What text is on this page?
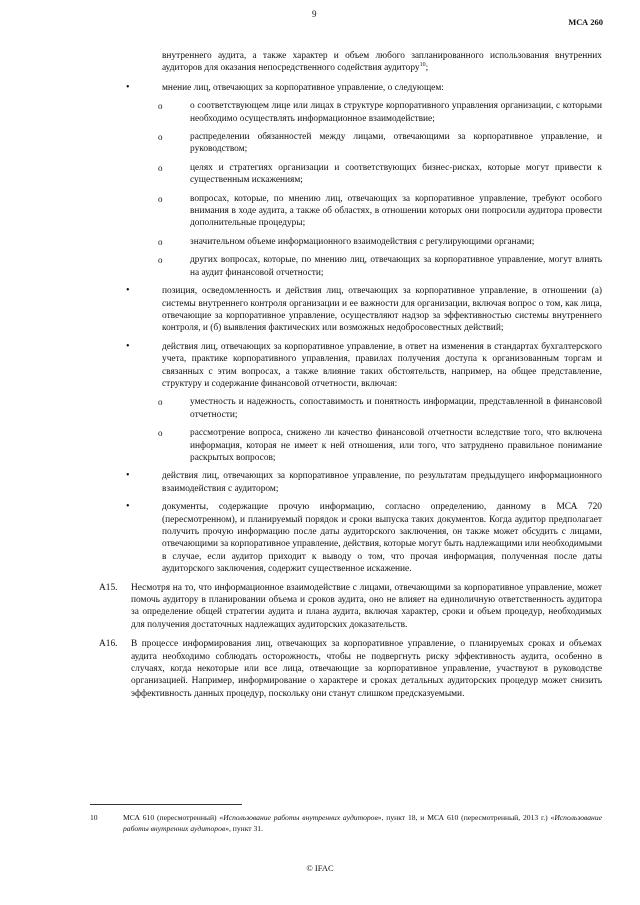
9
МСА 260

внутреннего аудита, а также характер и объем любого запланированного использования внутренних аудиторов для оказания непосредственного содействия аудитору$^{10}$;

•	мнение лиц, отвечающих за корпоративное управление, о следующем:

o	о соответствующем лице или лицах в структуре корпоративного управления организации, с которыми необходимо осуществлять информационное взаимодействие;

o	распределении обязанностей между лицами, отвечающими за корпоративное управление, и руководством;

o	целях и стратегиях организации и соответствующих бизнес-рисках, которые могут привести к существенным искажениям;

o	вопросах, которые, по мнению лиц, отвечающих за корпоративное управление, требуют особого внимания в ходе аудита, а также об областях, в отношении которых они попросили аудитора провести дополнительные процедуры;

o	значительном объеме информационного взаимодействия с регулирующими органами;

o	других вопросах, которые, по мнению лиц, отвечающих за корпоративное управление, могут влиять на аудит финансовой отчетности;

•	позиция, осведомленность и действия лиц, отвечающих за корпоративное управление, в отношении (а) системы внутреннего контроля организации и ее важности для организации, включая вопрос о том, как лица, отвечающие за корпоративное управление, осуществляют надзор за эффективностью системы внутреннего контроля, и (б) выявления фактических или возможных недобросовестных действий;

•	действия лиц, отвечающих за корпоративное управление, в ответ на изменения в стандартах бухгалтерского учета, практике корпоративного управления, правилах получения доступа к организованным торгам и связанных с этим вопросах, а также влияние таких обстоятельств, например, на общее представление, структуру и содержание финансовой отчетности, включая:

o	уместность и надежность, сопоставимость и понятность информации, представленной в финансовой отчетности;

o	рассмотрение вопроса, снижено ли качество финансовой отчетности вследствие того, что включена информация, которая не имеет к ней отношения, или того, что затруднено правильное понимание раскрытых вопросов;

•	действия лиц, отвечающих за корпоративное управление, по результатам предыдущего информационного взаимодействия с аудитором;

•	документы, содержащие прочую информацию, согласно определению, данному в МСА 720 (пересмотренном), и планируемый порядок и сроки выпуска таких документов. Когда аудитор предполагает получить прочую информацию после даты аудиторского заключения, он также может обсудить с лицами, отвечающими за корпоративное управление, действия, которые могут быть надлежащими или необходимыми в случае, если аудитор приходит к выводу о том, что прочая информация, полученная после даты аудиторского заключения, содержит существенное искажение.

A15. Несмотря на то, что информационное взаимодействие с лицами, отвечающими за корпоративное управление, может помочь аудитору в планировании объема и сроков аудита, оно не влияет на единоличную ответственность аудитора за определение общей стратегии аудита и плана аудита, включая характер, сроки и объем процедур, необходимых для получения достаточных надлежащих аудиторских доказательств.

A16. В процессе информирования лиц, отвечающих за корпоративное управление, о планируемых сроках и объемах аудита необходимо соблюдать осторожность, чтобы не подвергнуть риску эффективность аудита, особенно в случаях, когда некоторые или все лица, отвечающие за корпоративное управление, участвуют в руководстве организацией. Например, информирование о характере и сроках детальных аудиторских процедур может снизить эффективность данных процедур, поскольку они станут слишком предсказуемыми.

10	МСА 610 (пересмотренный) «Использование работы внутренних аудиторов», пункт 18, и МСА 610 (пересмотренный, 2013 г.) «Использование работы внутренних аудиторов», пункт 31.
© IFAC
